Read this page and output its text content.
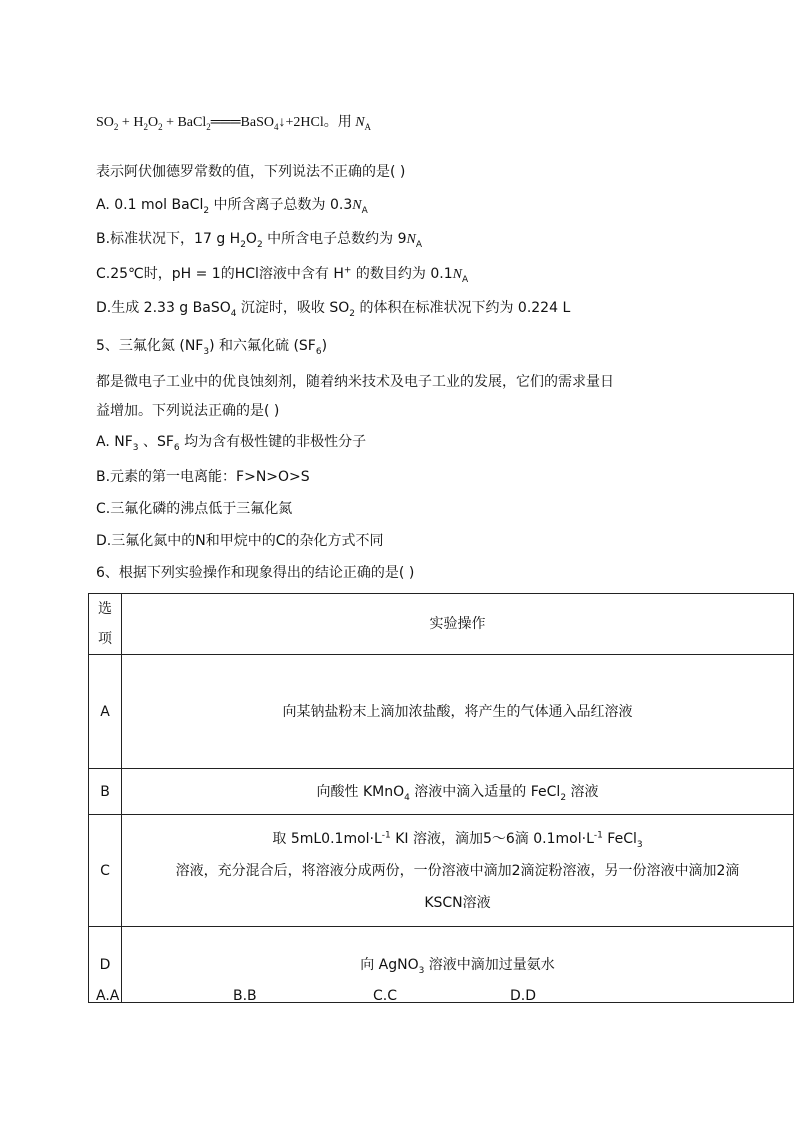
$SO_2 + H_2O_2$ + BaCl$_2$═══BaSO$_4$↓+2HCl。用 $N_A$
表示阿伏伽德罗常数的值，下列说法不正确的是( )
A. 0.1 mol BaCl$_2$ 中所含离子总数为 $0.3N_A$
B.标准状况下，17 g $H_2O_2$ 中所含电子总数约为 $9N_A$
C.25℃时，pH = 1的HCl溶液中含有 H+ 的数目约为 $0.1N_A$
D.生成 2.33 g BaSO$_4$ 沉淀时，吸收 $SO_2$ 的体积在标准状况下约为 0.224 L
5、三氟化氮 $(NF_3)$ 和六氟化硫 $(SF_6)$
都是微电子工业中的优良蚀刻剂，随着纳米技术及电子工业的发展，它们的需求量日
益增加。下列说法正确的是( )
A. $NF_3$ 、$SF_6$ 均为含有极性键的非极性分子
B.元素的第一电离能：F>N>O>S
C.三氟化磷的沸点低于三氟化氮
D.三氟化氮中的N和甲烷中的C的杂化方式不同
6、根据下列实验操作和现象得出的结论正确的是( )
选项	实验操作
A	向某钠盐粉末上滴加浓盐酸，将产生的气体通入品红溶液
B	向酸性 KMnO$_4$ 溶液中滴入适量的 FeCl$_2$ 溶液
C	取 $5mL0.1mol\cdot L^{-1}$ KI 溶液，滴加5～6滴 $0.1mol\cdot L^{-1}$ FeCl$_3$
溶液，充分混合后，将溶液分成两份，一份溶液中滴加2滴淀粉溶液，另一份溶液中滴加2滴
KSCN溶液

D	向 AgNO$_3$ 溶液中滴加过量氨水
A.A	B.B	C.C	D.D
